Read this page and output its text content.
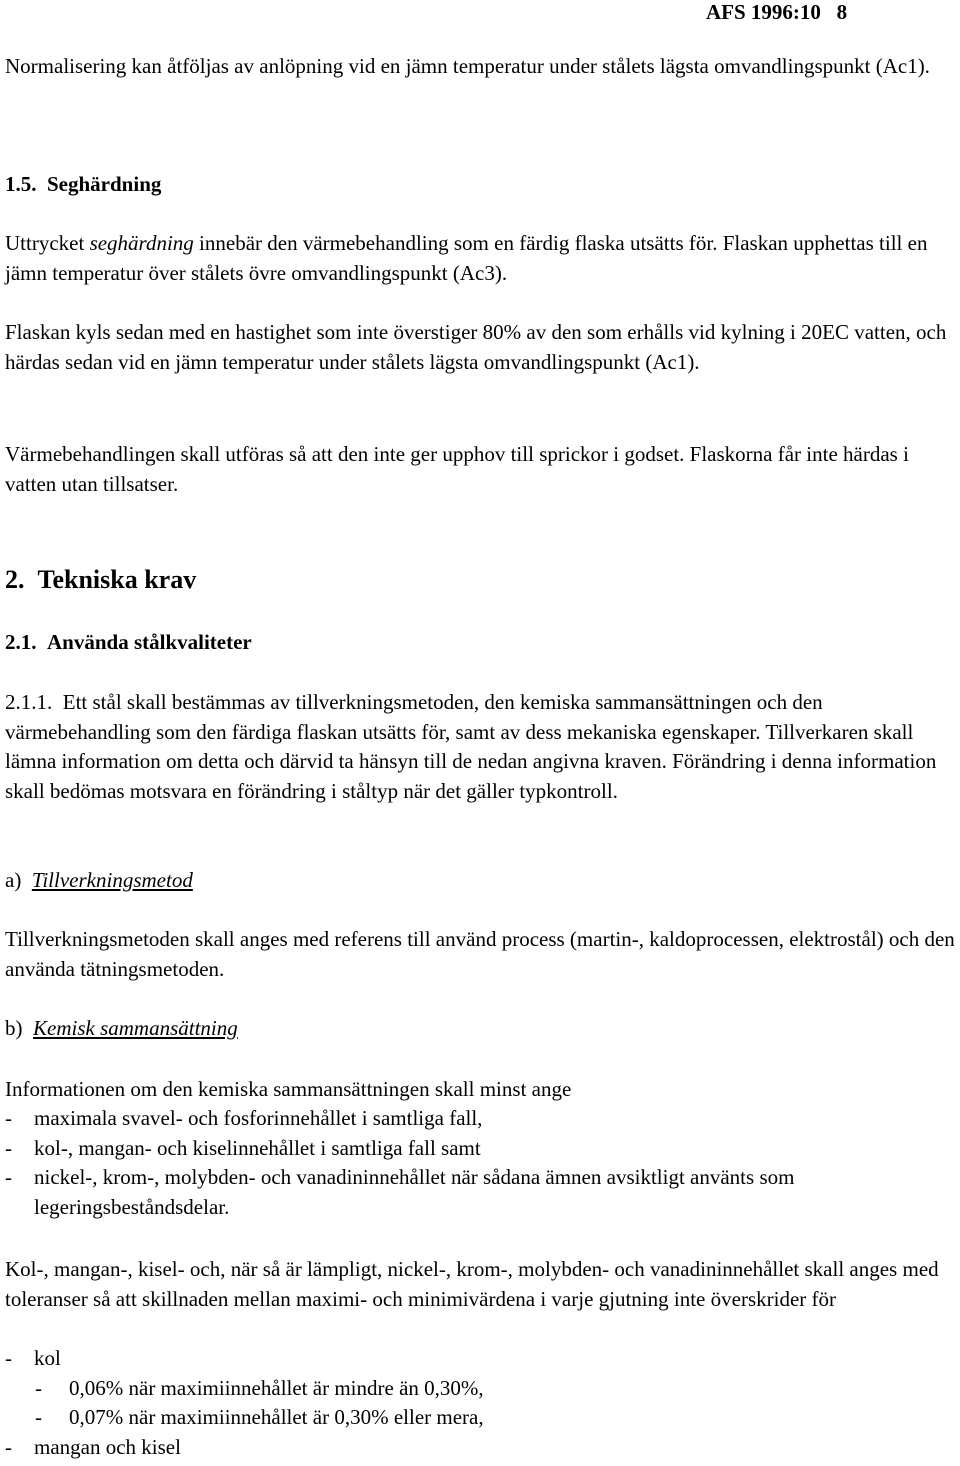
AFS 1996:10 8

Normalisering kan åtföljas av anlöpning vid en jämn temperatur under stålets lägsta omvandlingspunkt (Ac1).

1.5. Seghärdning

Uttrycket seghärdning innebär den värmebehandling som en färdig flaska utsätts för. Flaskan upphettas till en jämn temperatur över stålets övre omvandlingspunkt (Ac3).

Flaskan kyls sedan med en hastighet som inte överstiger 80% av den som erhålls vid kylning i 20EC vatten, och härdas sedan vid en jämn temperatur under stålets lägsta omvandlingspunkt (Ac1).

Värmebehandlingen skall utföras så att den inte ger upphov till sprickor i godset. Flaskorna får inte härdas i vatten utan tillsatser.

2. Tekniska krav

2.1. Använda stålkvaliteter

2.1.1. Ett stål skall bestämmas av tillverkningsmetoden, den kemiska sammansättningen och den värmebehandling som den färdiga flaskan utsätts för, samt av dess mekaniska egenskaper. Tillverkaren skall lämna information om detta och därvid ta hänsyn till de nedan angivna kraven. Förändring i denna information skall bedömas motsvara en förändring i ståltyp när det gäller typkontroll.

a) Tillverkningsmetod

Tillverkningsmetoden skall anges med referens till använd process (martin-, kaldoprocessen, elektrostål) och den använda tätningsmetoden.

b) Kemisk sammansättning

Informationen om den kemiska sammansättningen skall minst ange

- maximala svavel- och fosforinnehållet i samtliga fall,
- kol-, mangan- och kiselinnehållet i samtliga fall samt
- nickel-, krom-, molybden- och vanadininnehållet när sådana ämnen avsiktligt använts som legeringsbeståndsdelar.

Kol-, mangan-, kisel- och, när så är lämpligt, nickel-, krom-, molybden- och vanadininnehållet skall anges med toleranser så att skillnaden mellan maximi- och minimivärdena i varje gjutning inte överskrider för

- kol
- 0,06% när maximiinnehållet är mindre än 0,30%,
- 0,07% när maximiinnehållet är 0,30% eller mera,
- mangan och kisel
